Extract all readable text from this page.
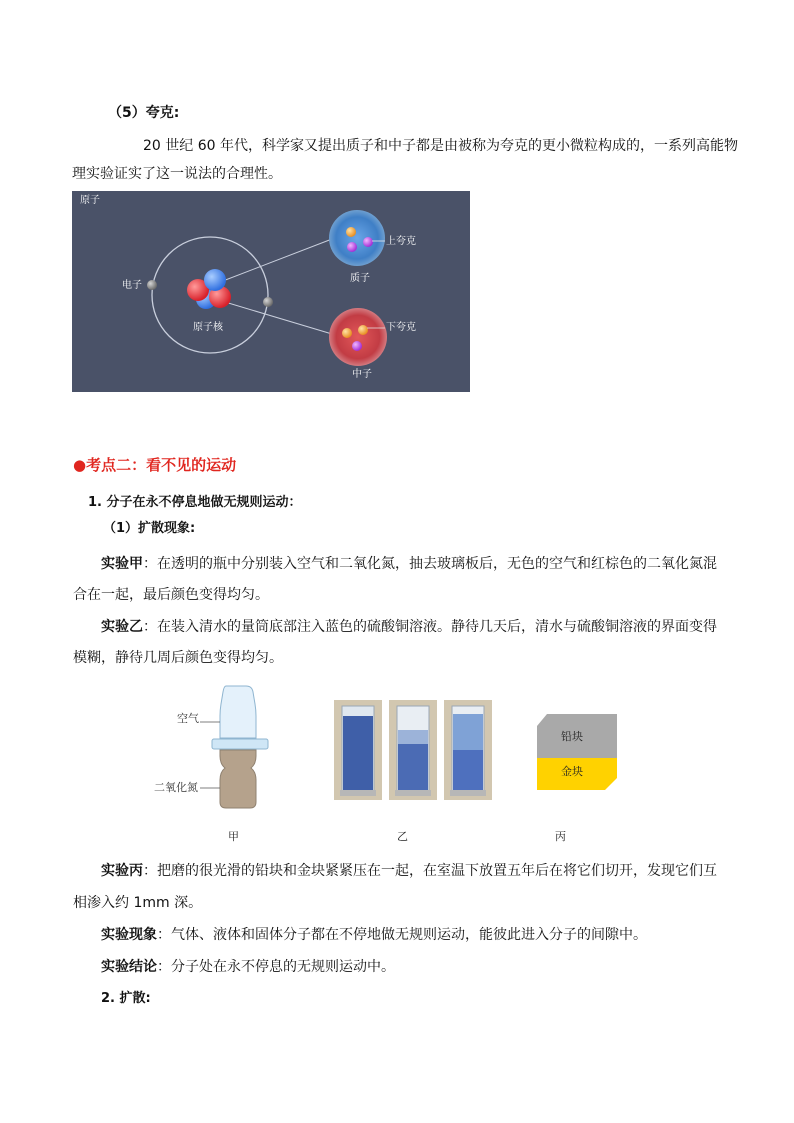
（5）夸克:
20 世纪 60 年代，科学家又提出质子和中子都是由被称为夸克的更小微粒构成的，一系列高能物
理实验证实了这一说法的合理性。
原子
电子
原子核
质子
中子
上夸克
下夸克
●考点二：看不见的运动
1. 分子在永不停息地做无规则运动：
（1）扩散现象:
实验甲：在透明的瓶中分别装入空气和二氧化氮，抽去玻璃板后，无色的空气和红棕色的二氧化氮混
合在一起，最后颜色变得均匀。
实验乙：在装入清水的量筒底部注入蓝色的硫酸铜溶液。静待几天后，清水与硫酸铜溶液的界面变得
模糊，静待几周后颜色变得均匀。
空气
二氧化氮
铅块
金块
甲	乙	丙
实验丙：把磨的很光滑的铅块和金块紧紧压在一起，在室温下放置五年后在将它们切开，发现它们互
相渗入约 1mm 深。
实验现象：气体、液体和固体分子都在不停地做无规则运动，能彼此进入分子的间隙中。
实验结论：分子处在永不停息的无规则运动中。
2. 扩散:
